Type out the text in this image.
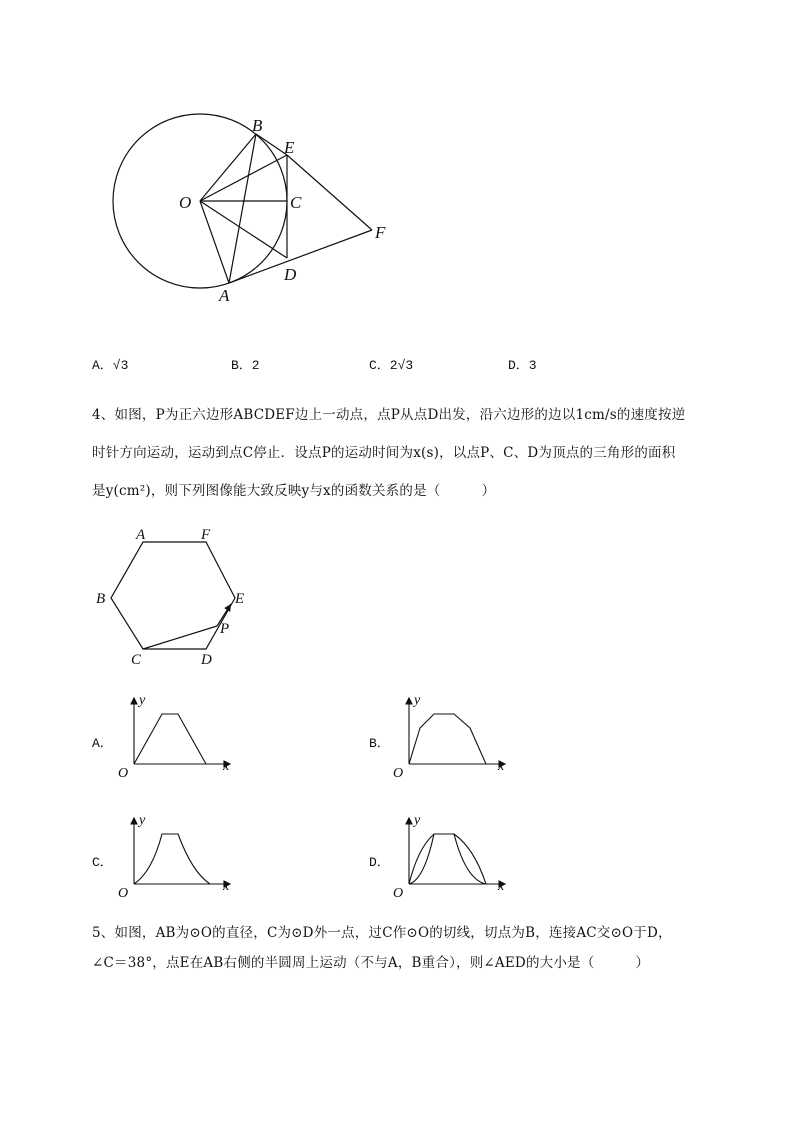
B
E
O	C
F
D
A
A．√3	B．2	C．2√3	D．3
4、如图，P为正六边形ABCDEF边上一动点，点P从点D出发，沿六边形的边以1cm/s的速度按逆
时针方向运动，运动到点C停止．设点P的运动时间为x(s)，以点P、C、D为顶点的三角形的面积
是y(cm²)，则下列图像能大致反映y与x的函数关系的是（　　　）
A	F
B	E
P
C	D
A．	B．
C．	D．
y
x
O
y
x
O
y
x
O
y
x
O
5、如图，AB为⊙O的直径，C为⊙D外一点，过C作⊙O的切线，切点为B，连接AC交⊙O于D，
∠C＝38°，点E在AB右侧的半圆周上运动（不与A，B重合），则∠AED的大小是（　　　）
